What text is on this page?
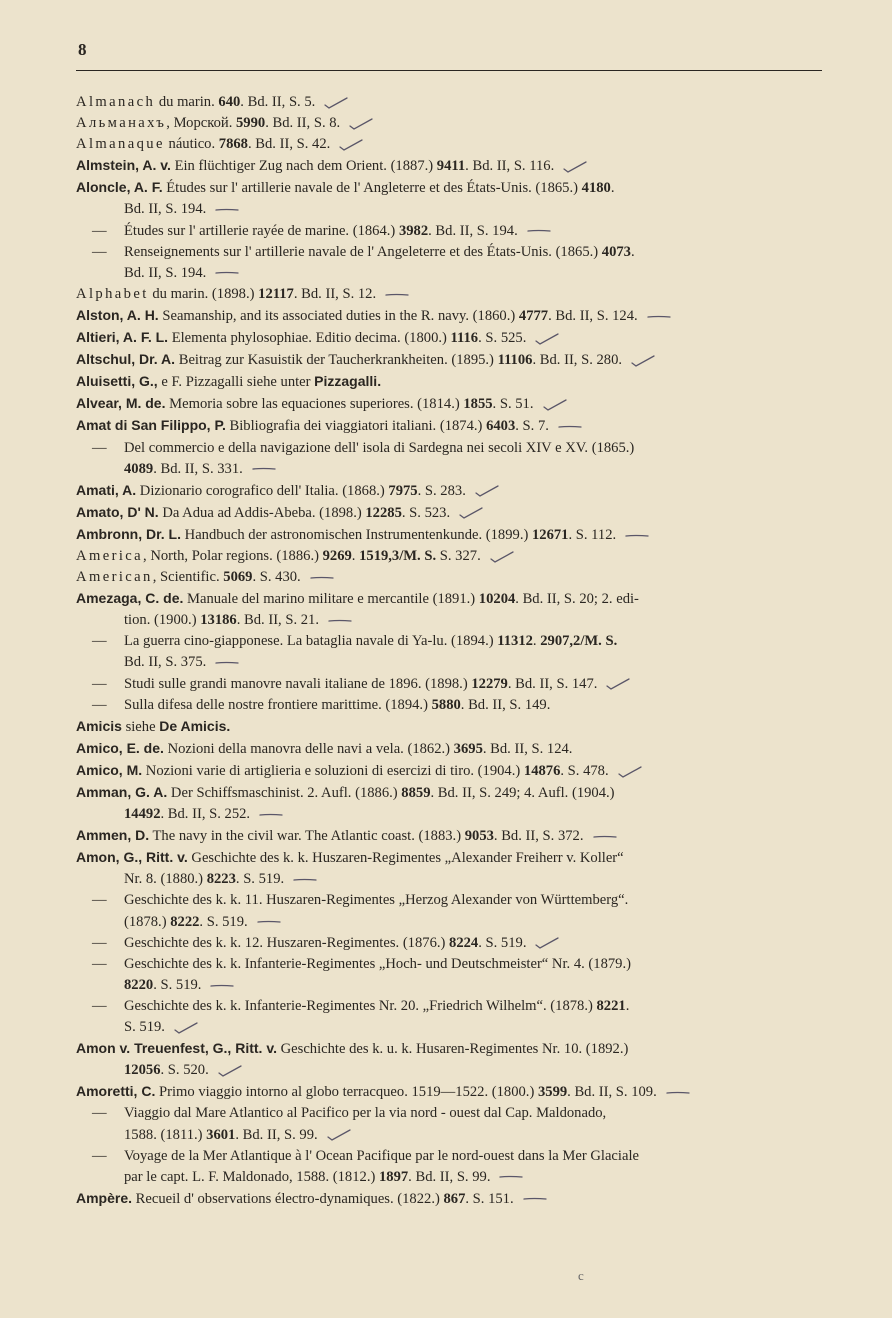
8
Almanach du marin. 640. Bd. II, S. 5.
Альманахъ, Морской. 5990. Bd. II, S. 8.
Almanaque náutico. 7868. Bd. II, S. 42.
Almstein, A. v. Ein flüchtiger Zug nach dem Orient. (1887.) 9411. Bd. II, S. 116.
Aloncle, A. F. Études sur l' artillerie navale de l' Angleterre et des États-Unis. (1865.) 4180.
Bd. II, S. 194.
— Études sur l' artillerie rayée de marine. (1864.) 3982. Bd. II, S. 194.
— Renseignements sur l' artillerie navale de l' Angeleterre et des États-Unis. (1865.) 4073.
Bd. II, S. 194.
Alphabet du marin. (1898.) 12117. Bd. II, S. 12.
Alston, A. H. Seamanship, and its associated duties in the R. navy. (1860.) 4777. Bd. II, S. 124.
Altieri, A. F. L. Elementa phylosophiae. Editio decima. (1800.) 1116. S. 525.
Altschul, Dr. A. Beitrag zur Kasuistik der Taucherkrankheiten. (1895.) 11106. Bd. II, S. 280.
Aluisetti, G., e F. Pizzagalli siehe unter Pizzagalli.
Alvear, M. de. Memoria sobre las equaciones superiores. (1814.) 1855. S. 51.
Amat di San Filippo, P. Bibliografia dei viaggiatori italiani. (1874.) 6403. S. 7.
— Del commercio e della navigazione dell' isola di Sardegna nei secoli XIV e XV. (1865.)
4089. Bd. II, S. 331.
Amati, A. Dizionario corografico dell' Italia. (1868.) 7975. S. 283.
Amato, D' N. Da Adua ad Addis-Abeba. (1898.) 12285. S. 523.
Ambronn, Dr. L. Handbuch der astronomischen Instrumentenkunde. (1899.) 12671. S. 112.
America, North, Polar regions. (1886.) 9269. 1519,3/M. S. S. 327.
American, Scientific. 5069. S. 430.
Amezaga, C. de. Manuale del marino militare e mercantile (1891.) 10204. Bd. II, S. 20; 2. edi-
tion. (1900.) 13186. Bd. II, S. 21.
— La guerra cino-giapponese. La bataglia navale di Ya-lu. (1894.) 11312. 2907,2/M. S.
Bd. II, S. 375.
— Studi sulle grandi manovre navali italiane de 1896. (1898.) 12279. Bd. II, S. 147.
— Sulla difesa delle nostre frontiere marittime. (1894.) 5880. Bd. II, S. 149.
Amicis siehe De Amicis.
Amico, E. de. Nozioni della manovra delle navi a vela. (1862.) 3695. Bd. II, S. 124.
Amico, M. Nozioni varie di artiglieria e soluzioni di esercizi di tiro. (1904.) 14876. S. 478.
Amman, G. A. Der Schiffsmaschinist. 2. Aufl. (1886.) 8859. Bd. II, S. 249; 4. Aufl. (1904.)
14492. Bd. II, S. 252.
Ammen, D. The navy in the civil war. The Atlantic coast. (1883.) 9053. Bd. II, S. 372.
Amon, G., Ritt. v. Geschichte des k. k. Huszaren-Regimentes „Alexander Freiherr v. Koller“
Nr. 8. (1880.) 8223. S. 519.
— Geschichte des k. k. 11. Huszaren-Regimentes „Herzog Alexander von Württemberg“.
(1878.) 8222. S. 519.
— Geschichte des k. k. 12. Huszaren-Regimentes. (1876.) 8224. S. 519.
— Geschichte des k. k. Infanterie-Regimentes „Hoch- und Deutschmeister“ Nr. 4. (1879.)
8220. S. 519.
— Geschichte des k. k. Infanterie-Regimentes Nr. 20. „Friedrich Wilhelm“. (1878.) 8221.
S. 519.
Amon v. Treuenfest, G., Ritt. v. Geschichte des k. u. k. Husaren-Regimentes Nr. 10. (1892.)
12056. S. 520.
Amoretti, C. Primo viaggio intorno al globo terracqueo. 1519—1522. (1800.) 3599. Bd. II, S. 109.
— Viaggio dal Mare Atlantico al Pacifico per la via nord - ouest dal Cap. Maldonado,
1588. (1811.) 3601. Bd. II, S. 99.
— Voyage de la Mer Atlantique à l' Ocean Pacifique par le nord-ouest dans la Mer Glaciale
par le capt. L. F. Maldonado, 1588. (1812.) 1897. Bd. II, S. 99.
Ampère. Recueil d' observations électro-dynamiques. (1822.) 867. S. 151.
c
